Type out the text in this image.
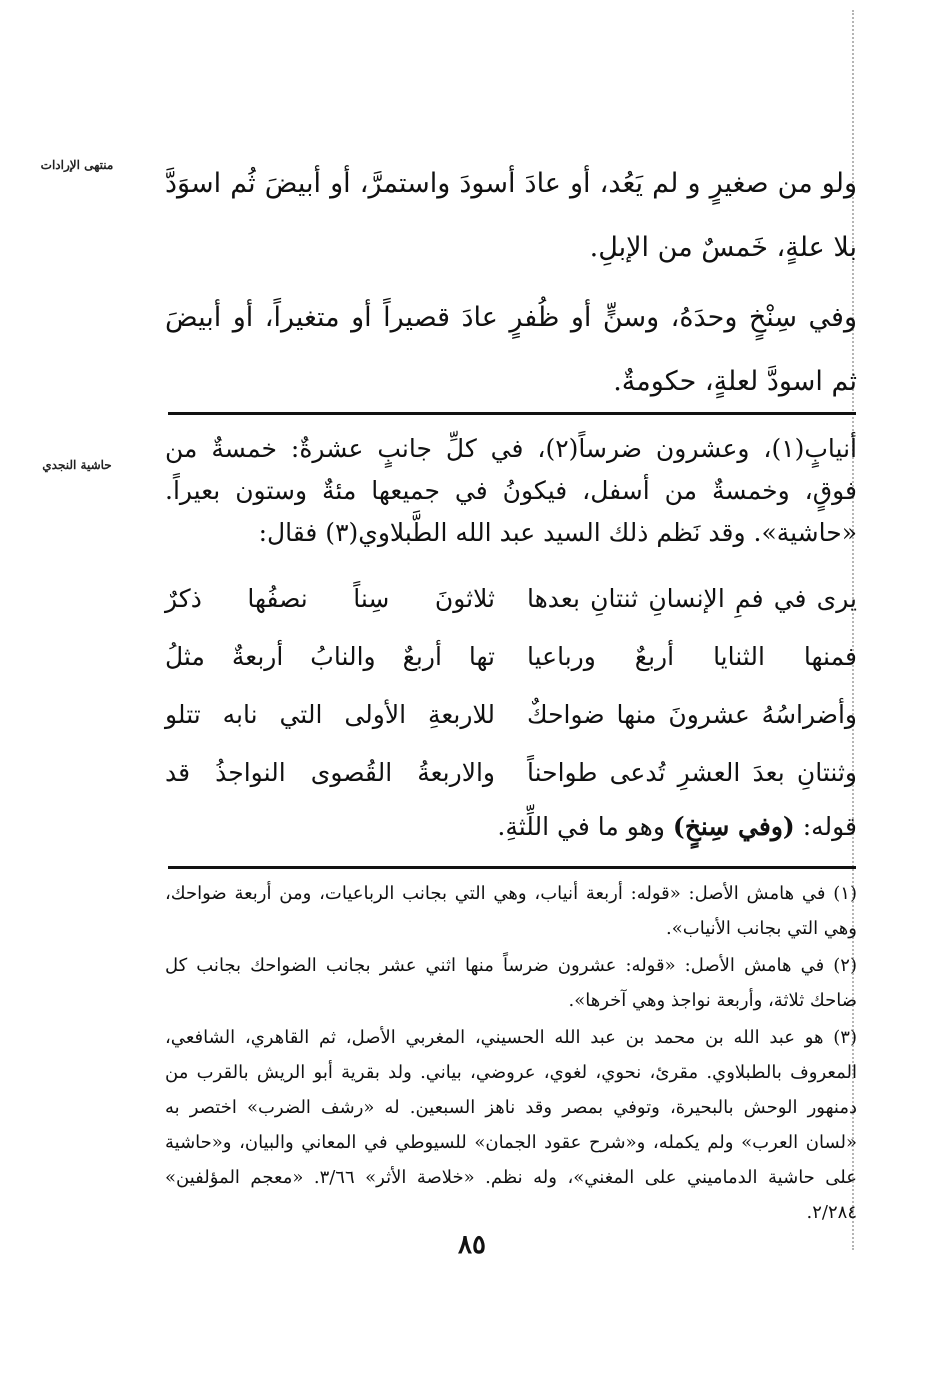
منتهى الإرادات
حاشية النجدي
ولو من صغيرٍ و لم يَعُد، أو عادَ أسودَ واستمرَّ، أو أبيضَ ثُم اسوَدَّ بلا علةٍ، خَمسٌ من الإبلِ.
وفي سِنْخٍ وحدَهُ، وسنٍّ أو ظُفرٍ عادَ قصيراً أو متغيراً، أو أبيضَ ثم اسودَّ لعلةٍ، حكومةٌ.
أنيابٍ(١)، وعشرون ضرساً(٢)، في كلِّ جانبٍ عشرةٌ: خمسةٌ من فوقٍ، وخمسةٌ من أسفل، فيكونُ في جميعها مئةٌ وستون بعيراً. «حاشية». وقد نَظم ذلك السيد عبد الله الطَّبلاوي(٣) فقال:
يرى في فمِ الإنسانِ ثنتانِ بعدها
ثلاثونَ سِناً نصفُها ذكرٌ
فمنها الثنايا أربعٌ ورباعيا
تها أربعٌ والنابُ أربعةٌ مثلُ
وأضراسُهُ عشرونَ منها ضواحكٌ
للاربعةِ الأولى التي نابه تتلو
وثنتانِ بعدَ العشرِ تُدعى طواحناً
والاربعةُ القُصوى النواجذُ قد
قوله: (وفي سِنخٍ) وهو ما في اللِّثةِ.

(١) في هامش الأصل: «قوله: أربعة أنياب، وهي التي بجانب الرباعيات، ومن أربعة ضواحك، وهي التي بجانب الأنياب».

(٢) في هامش الأصل: «قوله: عشرون ضرساً منها اثني عشر بجانب الضواحك بجانب كل ضاحك ثلاثة، وأربعة نواجذ وهي آخرها».

(٣) هو عبد الله بن محمد بن عبد الله الحسيني، المغربي الأصل، ثم القاهري، الشافعي، المعروف بالطبلاوي. مقرئ، نحوي، لغوي، عروضي، بياني. ولد بقرية أبو الريش بالقرب من دمنهور الوحش بالبحيرة، وتوفي بمصر وقد ناهز السبعين. له «رشف الضرب» اختصر به «لسان العرب» ولم يكمله، و«شرح عقود الجمان» للسيوطي في المعاني والبيان، و«حاشية على حاشية الدماميني على المغني»، وله نظم. «خلاصة الأثر» ٣/٦٦. «معجم المؤلفين» ٢/٢٨٤.

٨٥
